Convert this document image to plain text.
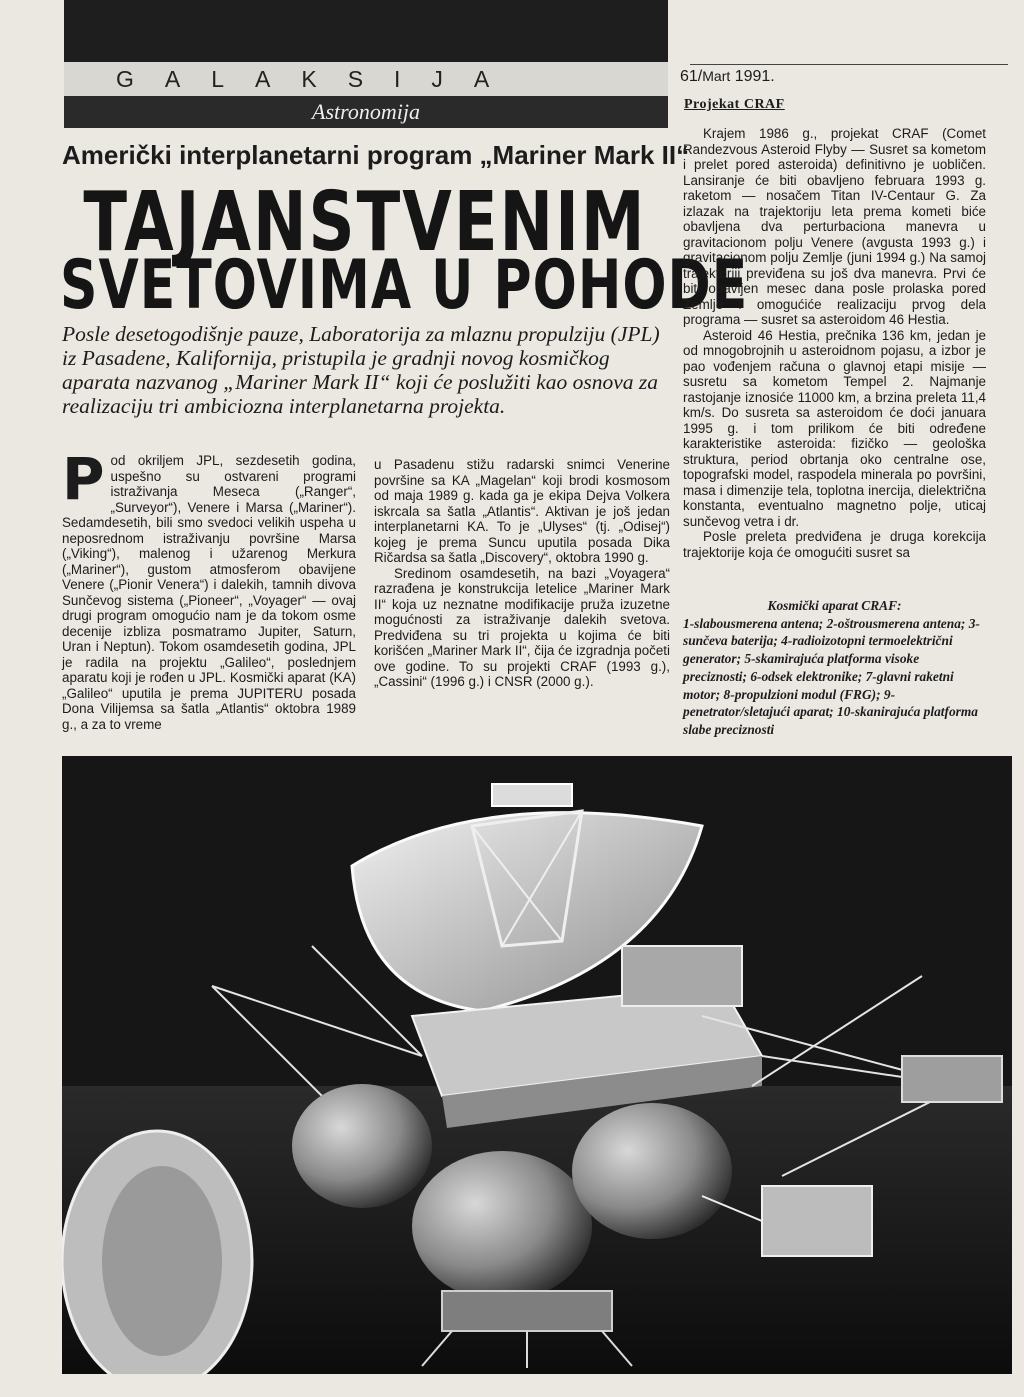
GALAKSIJA
Astronomija
Američki interplanetarni program „Mariner Mark II“
TAJANSTVENIM
SVETOVIMA U POHODE
Posle desetogodišnje pauze, Laboratorija za mlaznu propulziju (JPL) iz Pasadene, Kalifornija, pristupila je gradnji novog kosmičkog aparata nazvanog „Mariner Mark II“ koji će poslužiti kao osnova za realizaciju tri ambiciozna interplanetarna projekta.
P od okriljem JPL, sezdesetih godina, uspešno su ostvareni programi istraživanja Meseca („Ranger“, „Surveyor“), Venere i Marsa („Mariner“). Sedamdesetih, bili smo svedoci velikih uspeha u neposrednom istraživanju površine Marsa („Viking“), malenog i užarenog Merkura („Mariner“), gustom atmosferom obavijene Venere („Pionir Venera“) i dalekih, tamnih divova Sunčevog sistema („Pioneer“, „Voyager“ — ovaj drugi program omogućio nam je da tokom osme decenije izbliza posmatramo Jupiter, Saturn, Uran i Neptun). Tokom osamdesetih godina, JPL je radila na projektu „Galileo“, poslednjem aparatu koji je rođen u JPL. Kosmički aparat (KA) „Galileo“ uputila je prema JUPITERU posada Dona Vilijemsa sa šatla „Atlantis“ oktobra 1989 g., a za to vreme

u Pasadenu stižu radarski snimci Venerine površine sa KA „Magelan“ koji brodi kosmosom od maja 1989 g. kada ga je ekipa Dejva Volkera iskrcala sa šatla „Atlantis“. Aktivan je još jedan interplanetarni KA. To je „Ulyses“ (tj. „Odisej“) kojeg je prema Suncu uputila posada Dika Ričardsa sa šatla „Discovery“, oktobra 1990 g.

Sredinom osamdesetih, na bazi „Voyagera“ razrađena je konstrukcija letelice „Mariner Mark II“ koja uz neznatne modifikacije pruža izuzetne mogućnosti za istraživanje dalekih svetova. Predviđena su tri projekta u kojima će biti korišćen „Mariner Mark II“, čija će izgradnja početi ove godine. To su projekti CRAF (1993 g.), „Cassini“ (1996 g.) i CNSR (2000 g.).

61/Mart 1991.
Projekat CRAF

Krajem 1986 g., projekat CRAF (Comet Randezvous Asteroid Flyby — Susret sa kometom i prelet pored asteroida) definitivno je uobličen. Lansiranje će biti obavljeno februara 1993 g. raketom — nosačem Titan IV-Centaur G. Za izlazak na trajektoriju leta prema kometi biće obavljena dva perturbaciona manevra u gravitacionom polju Venere (avgusta 1993 g.) i gravitacionom polju Zemlje (juni 1994 g.) Na samoj trajektoriji previđena su još dva manevra. Prvi će biti obavljen mesec dana posle prolaska pored Zemlje i omogućiće realizaciju prvog dela programa — susret sa asteroidom 46 Hestia.

Asteroid 46 Hestia, prečnika 136 km, jedan je od mnogobrojnih u asteroidnom pojasu, a izbor je pao vođenjem računa o glavnoj etapi misije — susretu sa kometom Tempel 2. Najmanje rastojanje iznosiće 11000 km, a brzina preleta 11,4 km/s. Do susreta sa asteroidom će doći januara 1995 g. i tom prilikom će biti određene karakteristike asteroida: fizičko — geološka struktura, period obrtanja oko centralne ose, topografski model, raspodela minerala po površini, masa i dimenzije tela, toplotna inercija, dielektrična konstanta, eventualno magnetno polje, uticaj sunčevog vetra i dr.

Posle preleta predviđena je druga korekcija trajektorije koja će omogućiti susret sa

Kosmički aparat CRAF:
1-slabousmerena antena; 2-oštrousmerena antena; 3-sunčeva baterija; 4-radioizotopni termoelektrični generator; 5-skamirajuća platforma visoke preciznosti; 6-odsek elektronike; 7-glavni raketni motor; 8-propulzioni modul (FRG); 9-penetrator/sletajući aparat; 10-skanirajuća platforma slabe preciznosti
